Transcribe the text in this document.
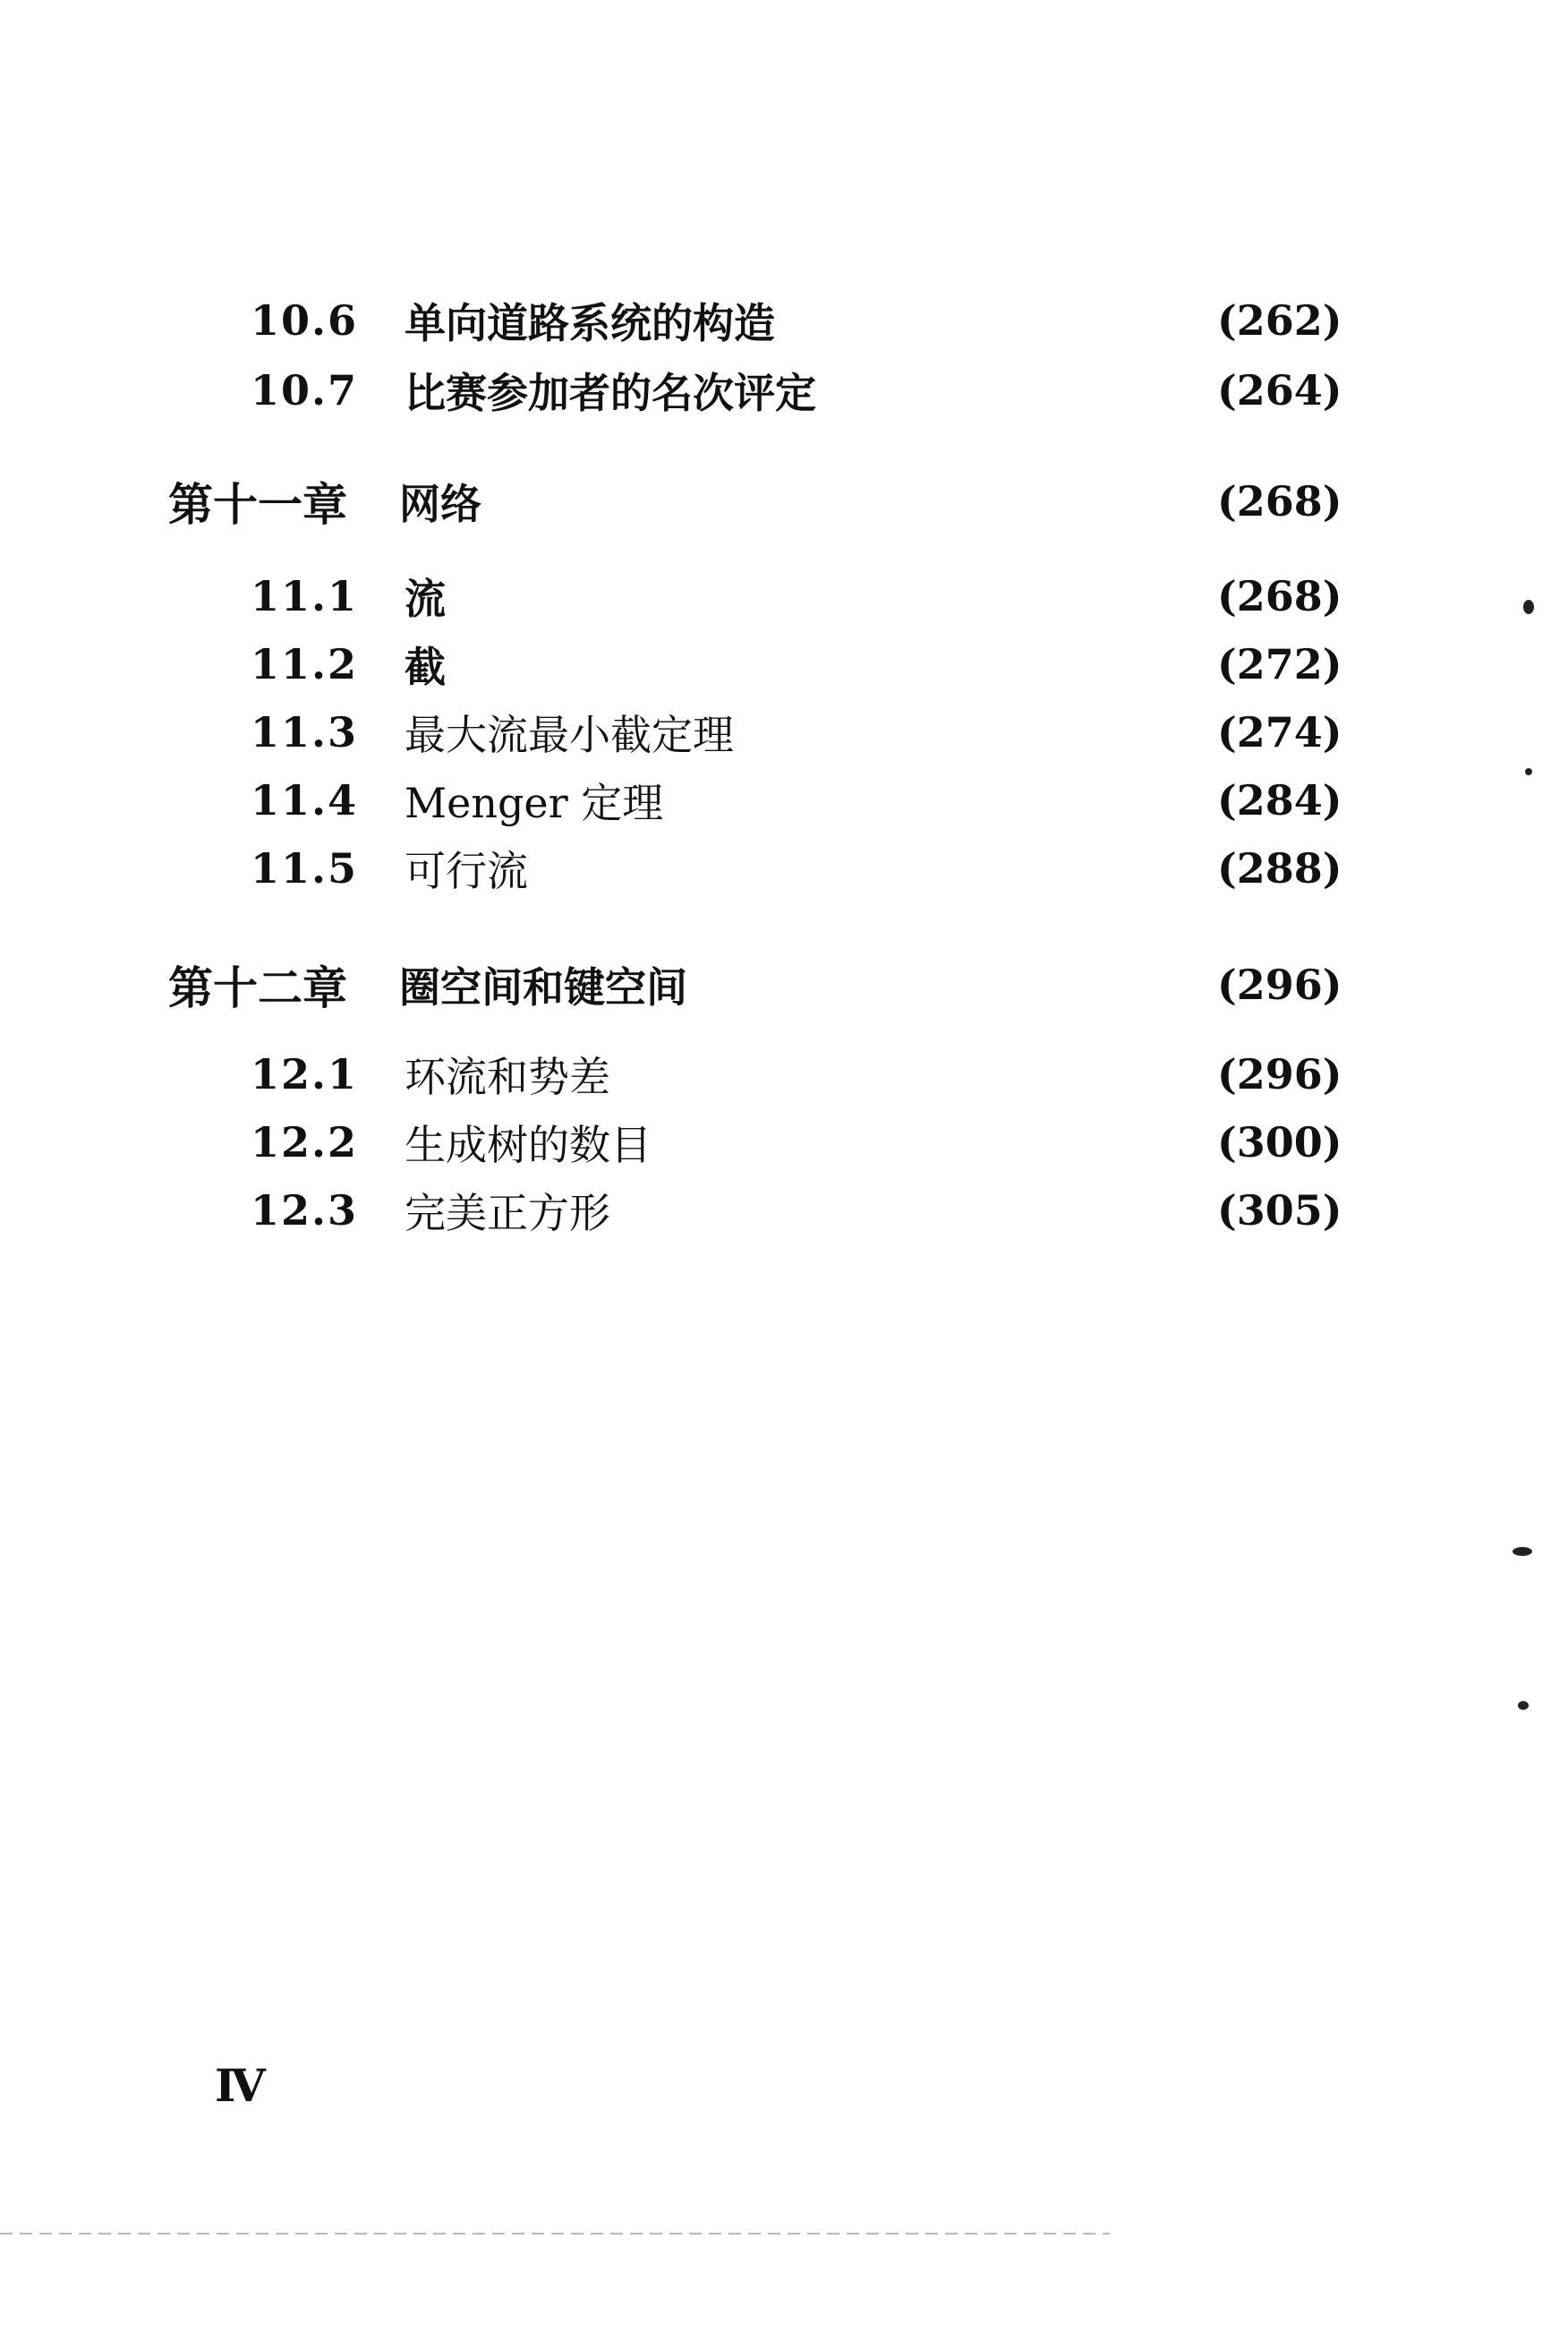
10.6	单向道路系统的构造	(262)
10.7	比赛参加者的名次评定	(264)
第十一章	网络	(268)
11.1	流	(268)
11.2	截	(272)
11.3	最大流最小截定理	(274)
11.4	Menger 定理	(284)
11.5	可行流	(288)
第十二章	圈空间和键空间	(296)
12.1	环流和势差	(296)
12.2	生成树的数目	(300)
12.3	完美正方形	(305)
Ⅳ
